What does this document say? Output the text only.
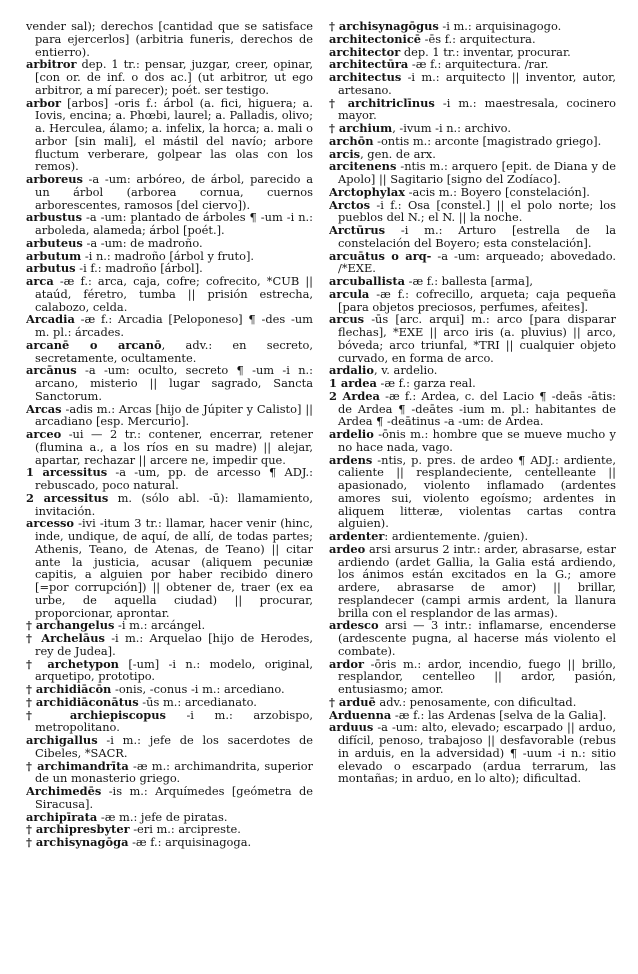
vender sal); derechos [cantidad que se satisface para ejercerlos] (arbitria funeris, derechos de entierro).

arbitror dep. 1 tr.: pensar, juzgar, creer, opinar, [con or. de inf. o dos ac.] (ut arbitror, ut ego arbitror, a mí parecer); poét. ser testigo.

arbor [arbos] -oris f.: árbol (a. fici, higuera; a. Iovis, encina; a. Phœbi, laurel; a. Palladis, olivo; a. Herculea, álamo; a. infelix, la horca; a. mali o arbor [sin mali], el mástil del navío; arbore fluctum verberare, golpear las olas con los remos).

arboreus -a -um: arbóreo, de árbol, parecido a un árbol (arborea cornua, cuernos arborescentes, ramosos [del ciervo]).

arbustus -a -um: plantado de árboles ¶ -um -i n.: arboleda, alameda; árbol [poét.].

arbuteus -a -um: de madroño.

arbutum -i n.: madroño [árbol y fruto].

arbutus -i f.: madroño [árbol].

arca -æ f.: arca, caja, cofre; cofrecito, *CUB || ataúd, féretro, tumba || prisión estrecha, calabozo, celda.

Arcadia -æ f.: Arcadia [Peloponeso] ¶ -des -um m. pl.: árcades.

arcanē o arcanō, adv.: en secreto, secretamente, ocultamente.

arcānus -a -um: oculto, secreto ¶ -um -i n.: arcano, misterio || lugar sagrado, Sancta Sanctorum.

Arcas -adis m.: Arcas [hijo de Júpiter y Calisto] || arcadiano [esp. Mercurio].

arceo -ui — 2 tr.: contener, encerrar, retener (flumina a., a los ríos en su madre) || alejar, apartar, rechazar || arcere ne, impedir que.

1 arcessitus -a -um, pp. de arcesso ¶ ADJ.: rebuscado, poco natural.

2 arcessitus m. (sólo abl. -ū): llamamiento, invitación.

arcesso -ivi -itum 3 tr.: llamar, hacer venir (hinc, inde, undique, de aquí, de allí, de todas partes; Athenis, Teano, de Atenas, de Teano) || citar ante la justicia, acusar (aliquem pecuniæ capitis, a alguien por haber recibido dinero [=por corrupción]) || obtener de, traer (ex ea urbe, de aquella ciudad) || procurar, proporcionar, aprontar.

† archangelus -i m.: arcángel.

† Archelāus -i m.: Arquelao [hijo de Herodes, rey de Judea].

† archetypon [-um] -i n.: modelo, original, arquetipo, prototipo.

† archidiācōn -onis, -conus -i m.: arcediano.

† archidiāconātus -ūs m.: arcedianato.

† archiepiscopus -i m.: arzobispo, metropolitano.

archigallus -i m.: jefe de los sacerdotes de Cibeles, *SACR.

† archimandrīta -æ m.: archimandrita, superior de un monasterio griego.

Archimedēs -is m.: Arquímedes [geómetra de Siracusa].

archipīrata -æ m.: jefe de piratas.

† archipresbyter -eri m.: arcipreste.

† archisynagōga -æ f.: arquisinagoga.

† archisynagōgus -i m.: arquisinagogo.

architectonicē -ēs f.: arquitectura.

architector dep. 1 tr.: inventar, procurar.

architectūra -æ f.: arquitectura. /rar.

architectus -i m.: arquitecto || inventor, autor, artesano.

† architriclīnus -i m.: maestresala, cocinero mayor.

† archium, -ivum -i n.: archivo.

archōn -ontis m.: arconte [magistrado griego].

arcis, gen. de arx.

arcitenens -ntis m.: arquero [epit. de Diana y de Apolo] || Sagitario [signo del Zodíaco].

Arctophylax -acis m.: Boyero [constelación].

Arctos -i f.: Osa [constel.] || el polo norte; los pueblos del N.; el N. || la noche.

Arctūrus -i m.: Arturo [estrella de la constelación del Boyero; esta constelación].

arcuātus o arq- -a -um: arqueado; abovedado. /*EXE.

arcuballista -æ f.: ballesta [arma],

arcula -æ f.: cofrecillo, arqueta; caja pequeña [para objetos preciosos, perfumes, afeites].

arcus -ūs [arc. arqui] m.: arco [para disparar flechas], *EXE || arco iris (a. pluvius) || arco, bóveda; arco triunfal, *TRI || cualquier objeto curvado, en forma de arco.

ardalio, v. ardelio.

1 ardea -æ f.: garza real.

2 Ardea -æ f.: Ardea, c. del Lacio ¶ -deās -ātis: de Ardea ¶ -deātes -ium m. pl.: habitantes de Ardea ¶ -deātinus -a -um: de Ardea.

ardelio -ōnis m.: hombre que se mueve mucho y no hace nada, vago.

ardens -ntis, p. pres. de ardeo ¶ ADJ.: ardiente, caliente || resplandeciente, centelleante || apasionado, violento inflamado (ardentes amores sui, violento egoísmo; ardentes in aliquem litteræ, violentas cartas contra alguien).

ardenter: ardientemente. /guien).

ardeo arsi arsurus 2 intr.: arder, abrasarse, estar ardiendo (ardet Gallia, la Galia está ardiendo, los ánimos están excitados en la G.; amore ardere, abrasarse de amor) || brillar, resplandecer (campi armis ardent, la llanura brilla con el resplandor de las armas).

ardesco arsi — 3 intr.: inflamarse, encenderse (ardescente pugna, al hacerse más violento el combate).

ardor -ōris m.: ardor, incendio, fuego || brillo, resplandor, centelleo || ardor, pasión, entusiasmo; amor.

† arduē adv.: penosamente, con dificultad.

Arduenna -æ f.: las Ardenas [selva de la Galia].

arduus -a -um: alto, elevado; escarpado || arduo, difícil, penoso, trabajoso || desfavorable (rebus in arduis, en la adversidad) ¶ -uum -i n.: sitio elevado o escarpado (ardua terrarum, las montañas; in arduo, en lo alto); dificultad.
